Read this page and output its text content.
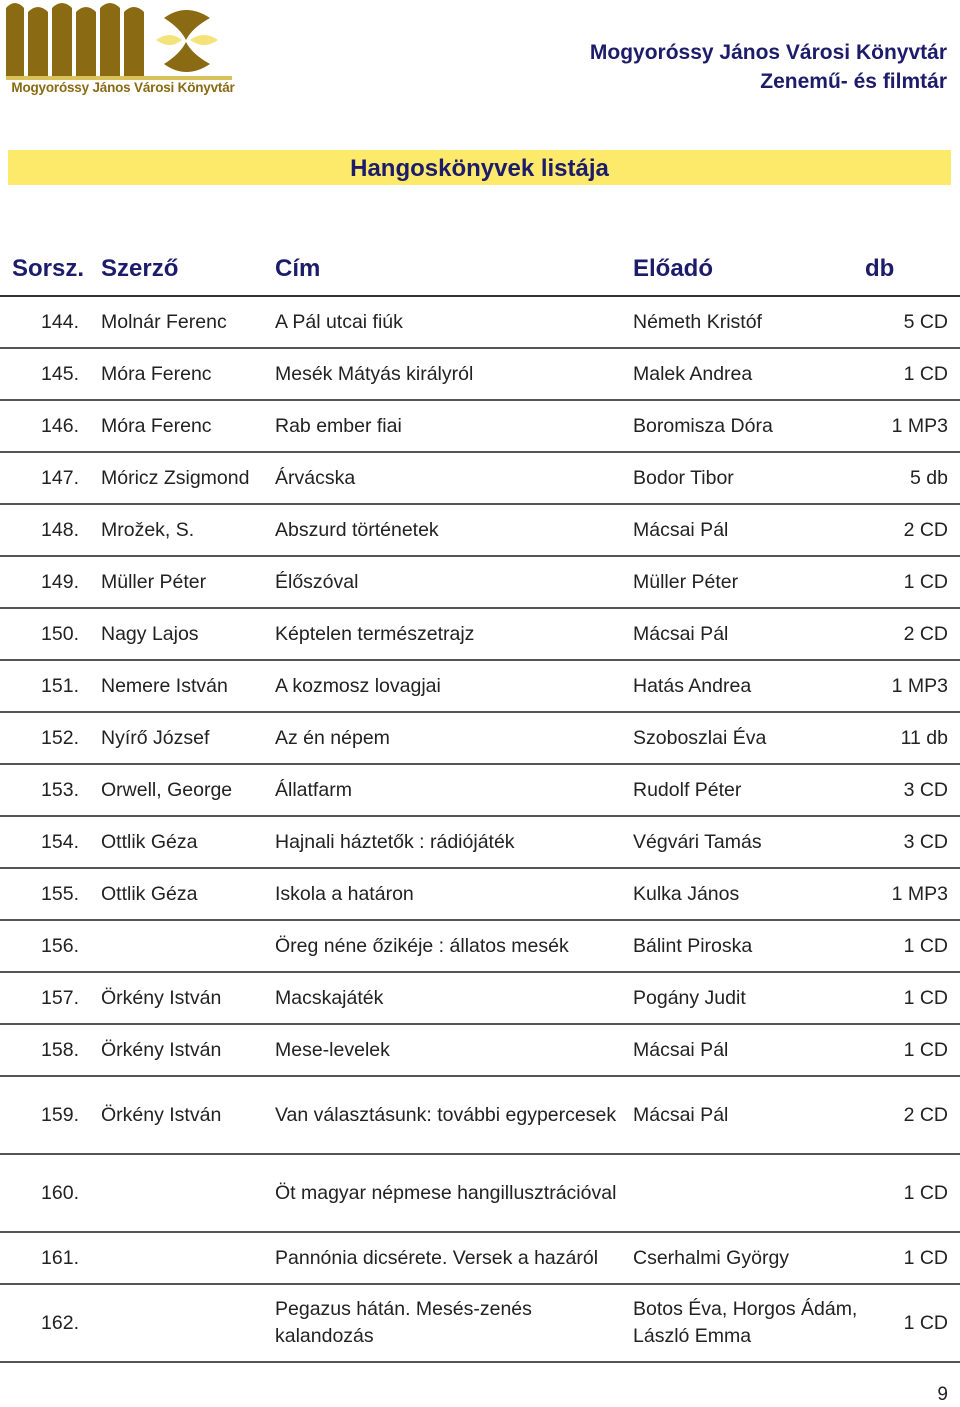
Mogyoróssy János Városi Könyvtár
Mogyoróssy János Városi Könyvtár
Zenemű- és filmtár
Hangoskönyvek listája
Sorsz.	Szerző	Cím	Előadó	db
144.	Molnár Ferenc	A Pál utcai fiúk	Németh Kristóf	5 CD
145.	Móra Ferenc	Mesék Mátyás királyról	Malek Andrea	1 CD
146.	Móra Ferenc	Rab ember fiai	Boromisza Dóra	1 MP3
147.	Móricz Zsigmond	Árvácska	Bodor Tibor	5 db
148.	Mrožek, S.	Abszurd történetek	Mácsai Pál	2 CD
149.	Müller Péter	Élőszóval	Müller Péter	1 CD
150.	Nagy Lajos	Képtelen természetrajz	Mácsai Pál	2 CD
151.	Nemere István	A kozmosz lovagjai	Hatás Andrea	1 MP3
152.	Nyírő József	Az én népem	Szoboszlai Éva	11 db
153.	Orwell, George	Állatfarm	Rudolf Péter	3 CD
154.	Ottlik Géza	Hajnali háztetők : rádiójáték	Végvári Tamás	3 CD
155.	Ottlik Géza	Iskola a határon	Kulka János	1 MP3
156.		Öreg néne őzikéje : állatos mesék	Bálint Piroska	1 CD
157.	Örkény István	Macskajáték	Pogány Judit	1 CD
158.	Örkény István	Mese-levelek	Mácsai Pál	1 CD
159.	Örkény István	Van választásunk: további egypercesek	Mácsai Pál	2 CD
160.		Öt magyar népmese hangillusztrációval		1 CD
161.		Pannónia dicsérete. Versek a hazáról	Cserhalmi György	1 CD
162.		Pegazus hátán. Mesés-zenés kalandozás	Botos Éva, Horgos Ádám, László Emma	1 CD
9
